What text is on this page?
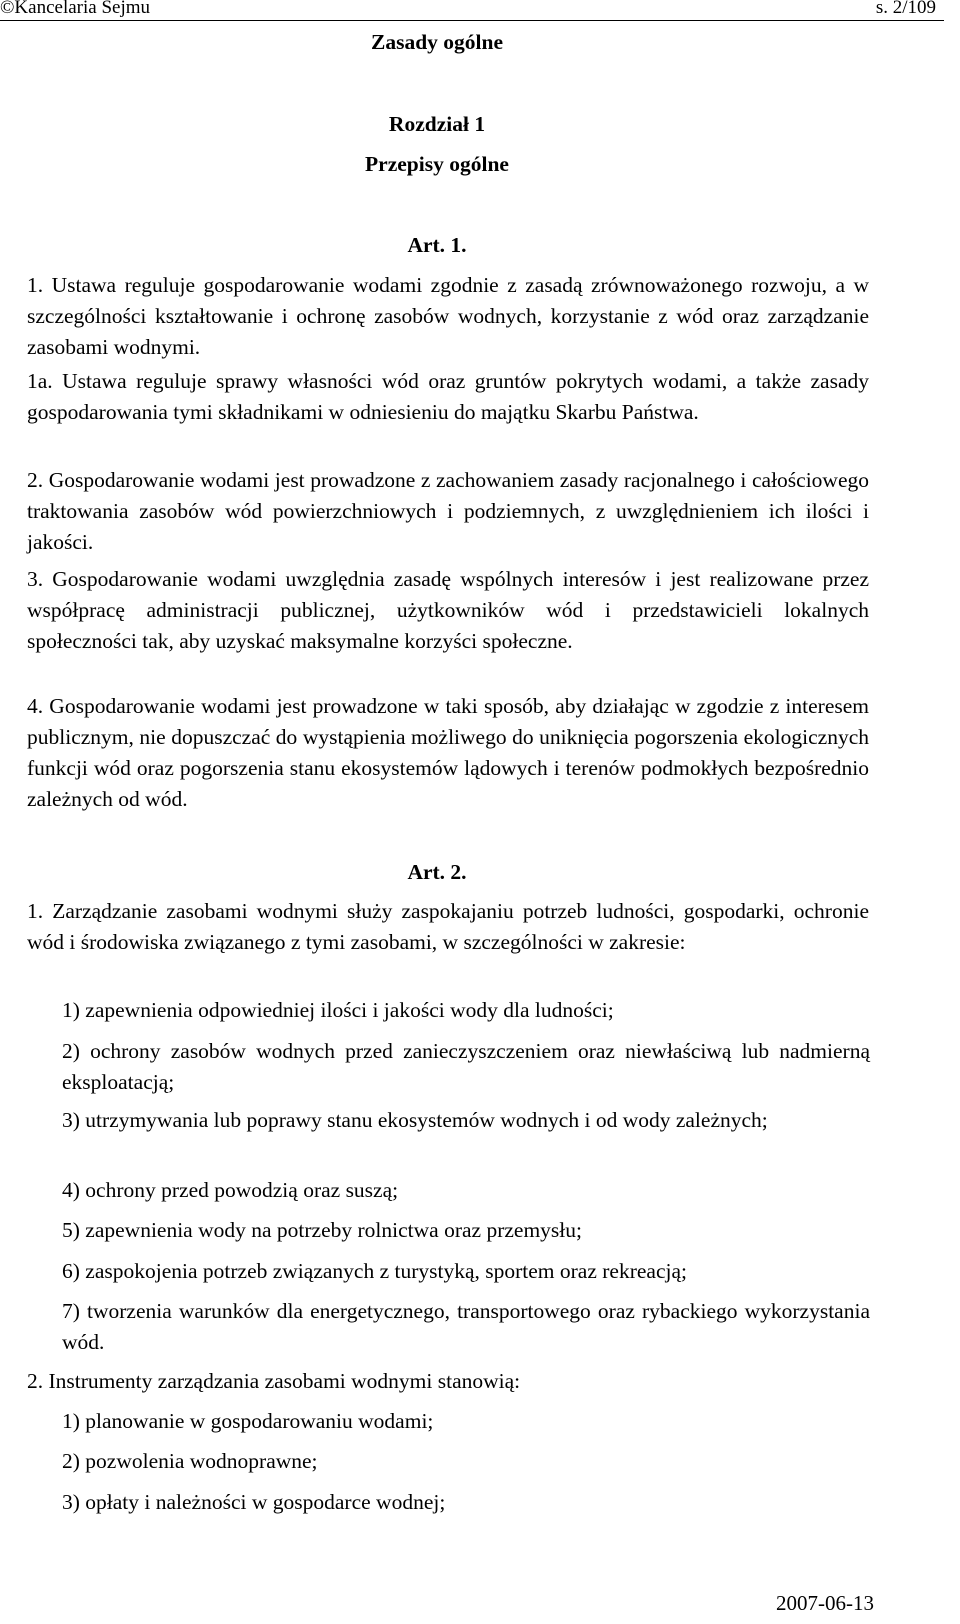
©Kancelaria Sejmu	s. 2/109
Zasady ogólne
Rozdział 1
Przepisy ogólne
Art. 1.
1. Ustawa reguluje gospodarowanie wodami zgodnie z zasadą zrównoważonego rozwoju, a w szczególności kształtowanie i ochronę zasobów wodnych, korzystanie z wód oraz zarządzanie zasobami wodnymi.
1a. Ustawa reguluje sprawy własności wód oraz gruntów pokrytych wodami, a także zasady gospodarowania tymi składnikami w odniesieniu do majątku Skarbu Państwa.
2. Gospodarowanie wodami jest prowadzone z zachowaniem zasady racjonalnego i całościowego traktowania zasobów wód powierzchniowych i podziemnych, z uwzględnieniem ich ilości i jakości.
3. Gospodarowanie wodami uwzględnia zasadę wspólnych interesów i jest realizowane przez współpracę administracji publicznej, użytkowników wód i przedstawicieli lokalnych społeczności tak, aby uzyskać maksymalne korzyści społeczne.
4. Gospodarowanie wodami jest prowadzone w taki sposób, aby działając w zgodzie z interesem publicznym, nie dopuszczać do wystąpienia możliwego do uniknięcia pogorszenia ekologicznych funkcji wód oraz pogorszenia stanu ekosystemów lądowych i terenów podmokłych bezpośrednio zależnych od wód.
Art. 2.
1. Zarządzanie zasobami wodnymi służy zaspokajaniu potrzeb ludności, gospodarki, ochronie wód i środowiska związanego z tymi zasobami, w szczególności w zakresie:
1) zapewnienia odpowiedniej ilości i jakości wody dla ludności;
2) ochrony zasobów wodnych przed zanieczyszczeniem oraz niewłaściwą lub nadmierną eksploatacją;
3) utrzymywania lub poprawy stanu ekosystemów wodnych i od wody zależnych;
4) ochrony przed powodzią oraz suszą;
5) zapewnienia wody na potrzeby rolnictwa oraz przemysłu;
6) zaspokojenia potrzeb związanych z turystyką, sportem oraz rekreacją;
7) tworzenia warunków dla energetycznego, transportowego oraz rybackiego wykorzystania wód.
2. Instrumenty zarządzania zasobami wodnymi stanowią:
1) planowanie w gospodarowaniu wodami;
2) pozwolenia wodnoprawne;
3) opłaty i należności w gospodarce wodnej;
2007-06-13
